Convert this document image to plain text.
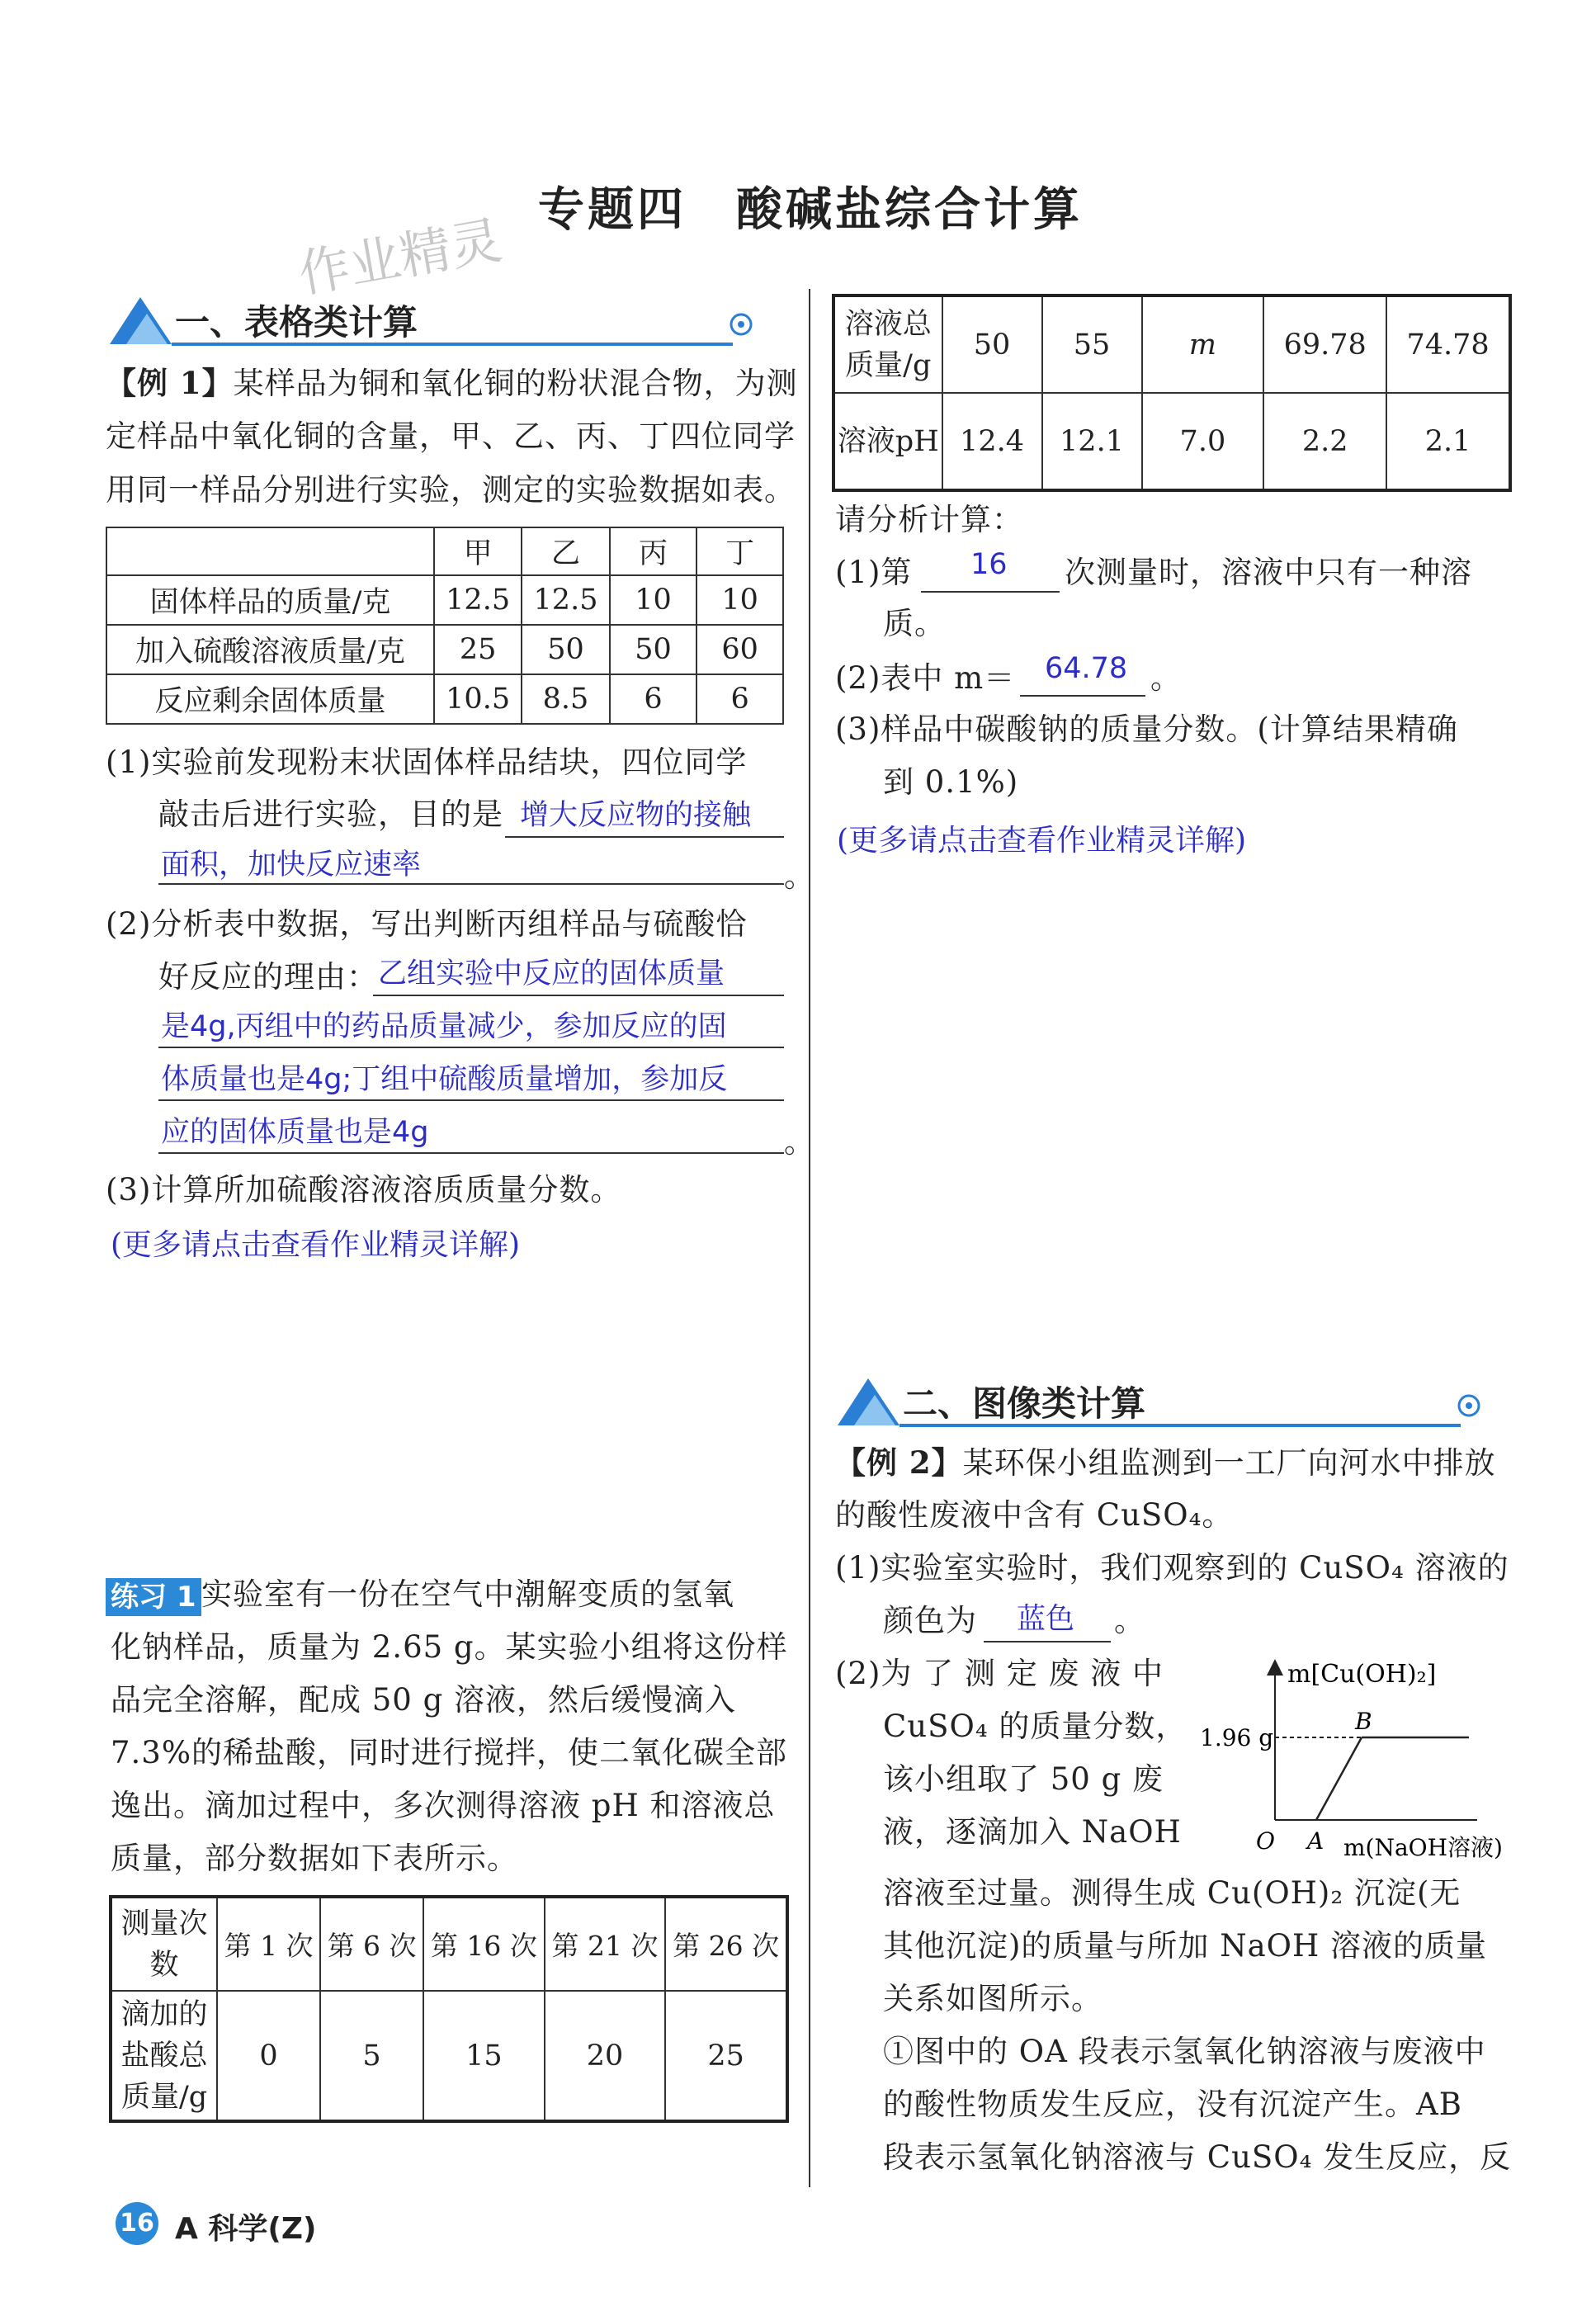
专题四　酸碱盐综合计算
作业精灵
一、表格类计算
【例 1】某样品为铜和氧化铜的粉状混合物，为测
定样品中氧化铜的含量，甲、乙、丙、丁四位同学
用同一样品分别进行实验，测定的实验数据如表。
	甲	乙	丙	丁
固体样品的质量/克	12.5	12.5	10	10
加入硫酸溶液质量/克	25	50	50	60
反应剩余固体质量	10.5	8.5	6	6
(1)实验前发现粉末状固体样品结块，四位同学
敲击后进行实验，目的是 增大反应物的接触
面积，加快反应速率	。
(2)分析表中数据，写出判断丙组样品与硫酸恰
好反应的理由： 乙组实验中反应的固体质量
是4g,丙组中的药品质量减少，参加反应的固
体质量也是4g;丁组中硫酸质量增加，参加反
应的固体质量也是4g	。
(3)计算所加硫酸溶液溶质质量分数。
(更多请点击查看作业精灵详解)
练习 1 实验室有一份在空气中潮解变质的氢氧
化钠样品，质量为 2.65 g。某实验小组将这份样
品完全溶解，配成 50 g 溶液，然后缓慢滴入
7.3%的稀盐酸，同时进行搅拌，使二氧化碳全部
逸出。滴加过程中，多次测得溶液 pH 和溶液总
质量，部分数据如下表所示。
测量次数	第 1 次	第 6 次	第 16 次	第 21 次	第 26 次
滴加的盐酸总质量/g	0	5	15	20	25
溶液总质量/g	50	55	m	69.78	74.78
溶液pH	12.4	12.1	7.0	2.2	2.1
请分析计算：
(1)第 16 次测量时，溶液中只有一种溶
质。
(2)表中 m＝ 64.78 。
(3)样品中碳酸钠的质量分数。(计算结果精确
到 0.1%)
(更多请点击查看作业精灵详解)
二、图像类计算
【例 2】某环保小组监测到一工厂向河水中排放
的酸性废液中含有 CuSO₄。
(1)实验室实验时，我们观察到的 CuSO₄ 溶液的
颜色为 蓝色 。
(2)为 了 测 定 废 液 中
CuSO₄ 的质量分数，
该小组取了 50 g 废
液，逐滴加入 NaOH
m[Cu(OH)₂]
1.96 g
B
A
O	m(NaOH溶液)
溶液至过量。测得生成 Cu(OH)₂ 沉淀(无
其他沉淀)的质量与所加 NaOH 溶液的质量
关系如图所示。
①图中的 OA 段表示氢氧化钠溶液与废液中
的酸性物质发生反应，没有沉淀产生。AB
段表示氢氧化钠溶液与 CuSO₄ 发生反应，反
16 A 科学(Z)
